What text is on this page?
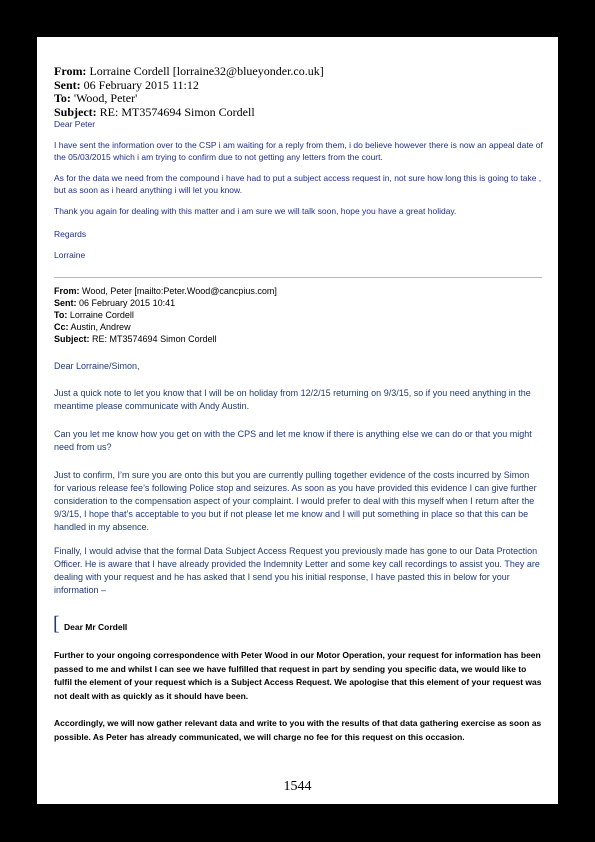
From: Lorraine Cordell [lorraine32@blueyonder.co.uk]
Sent: 06 February 2015 11:12
To: 'Wood, Peter'
Subject: RE: MT3574694 Simon Cordell
Dear Peter
I have sent the information over to the CSP i am waiting for a reply from them, i do believe however there is now an appeal date of the 05/03/2015 which i am trying to confirm due to not getting any letters from the court.
As for the data we need from the compound i have had to put a subject access request in, not sure how long this is going to take , but as soon as i heard anything i will let you know.
Thank you again for dealing with this matter and i am sure we will talk soon, hope you have a great holiday.
Regards
Lorraine
From: Wood, Peter [mailto:Peter.Wood@cancpius.com]
Sent: 06 February 2015 10:41
To: Lorraine Cordell
Cc: Austin, Andrew
Subject: RE: MT3574694 Simon Cordell
Dear Lorraine/Simon,
Just a quick note to let you know that I will be on holiday from 12/2/15 returning on 9/3/15, so if you need anything in the meantime please communicate with Andy Austin.
Can you let me know how you get on with the CPS and let me know if there is anything else we can do or that you might need from us?
Just to confirm, I’m sure you are onto this but you are currently pulling together evidence of the costs incurred by Simon for various release fee’s following Police stop and seizures. As soon as you have provided this evidence I can give further consideration to the compensation aspect of your complaint. I would prefer to deal with this myself when I return after the 9/3/15, I hope that’s acceptable to you but if not please let me know and I will put something in place so that this can be handled in my absence.
Finally, I would advise that the formal Data Subject Access Request you previously made has gone to our Data Protection Officer. He is aware that I have already provided the Indemnity Letter and some key call recordings to assist you. They are dealing with your request and he has asked that I send you his initial response, I have pasted this in below for your information –
[ Dear Mr Cordell
Further to your ongoing correspondence with Peter Wood in our Motor Operation, your request for information has been passed to me and whilst I can see we have fulfilled that request in part by sending you specific data, we would like to fulfil the element of your request which is a Subject Access Request. We apologise that this element of your request was not dealt with as quickly as it should have been.
Accordingly, we will now gather relevant data and write to you with the results of that data gathering exercise as soon as possible. As Peter has already communicated, we will charge no fee for this request on this occasion.
1544
